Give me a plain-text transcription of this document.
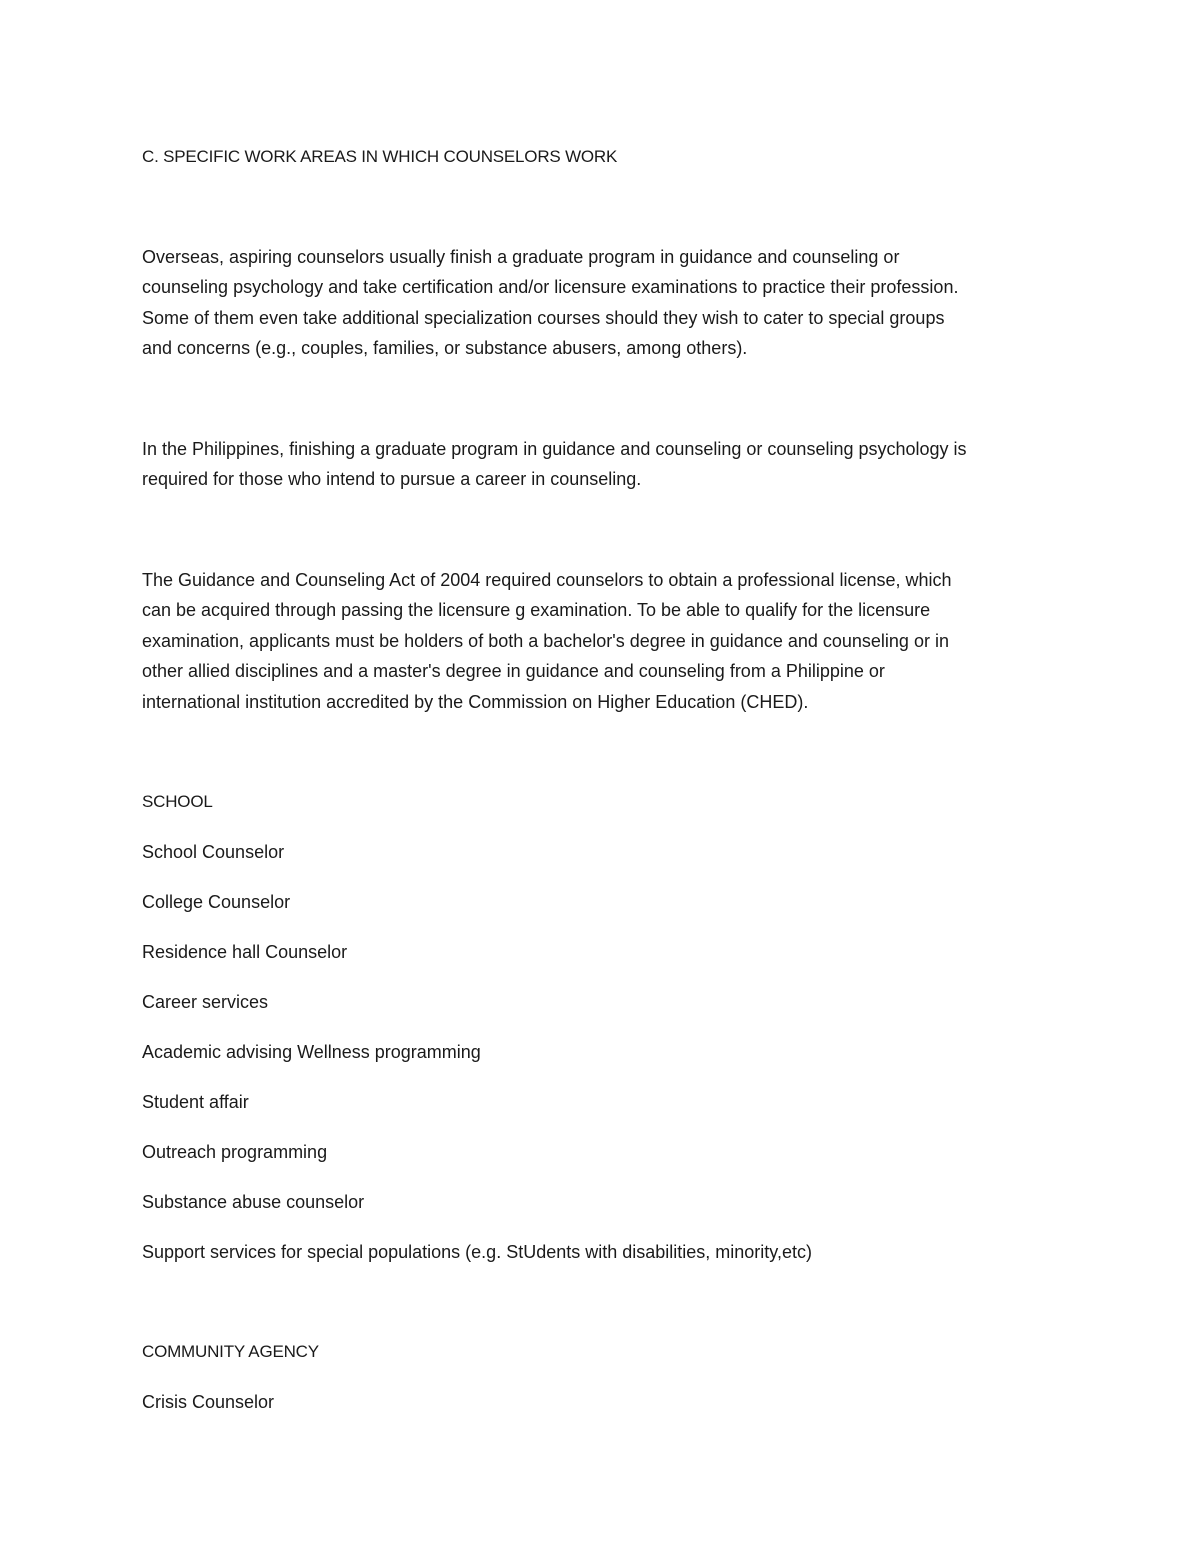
C. SPECIFIC WORK AREAS IN WHICH COUNSELORS WORK

Overseas, aspiring counselors usually finish a graduate program in guidance and counseling or
counseling psychology and take certification and/or licensure examinations to practice their profession.
Some of them even take additional specialization courses should they wish to cater to special groups
and concerns (e.g., couples, families, or substance abusers, among others).

In the Philippines, finishing a graduate program in guidance and counseling or counseling psychology is
required for those who intend to pursue a career in counseling.

The Guidance and Counseling Act of 2004 required counselors to obtain a professional license, which
can be acquired through passing the licensure g examination. To be able to qualify for the licensure
examination, applicants must be holders of both a bachelor's degree in guidance and counseling or in
other allied disciplines and a master's degree in guidance and counseling from a Philippine or
international institution accredited by the Commission on Higher Education (CHED).

SCHOOL

School Counselor

College Counselor

Residence hall Counselor

Career services

Academic advising Wellness programming

Student affair

Outreach programming

Substance abuse counselor

Support services for special populations (e.g. StUdents with disabilities, minority,etc)

COMMUNITY AGENCY

Crisis Counselor
